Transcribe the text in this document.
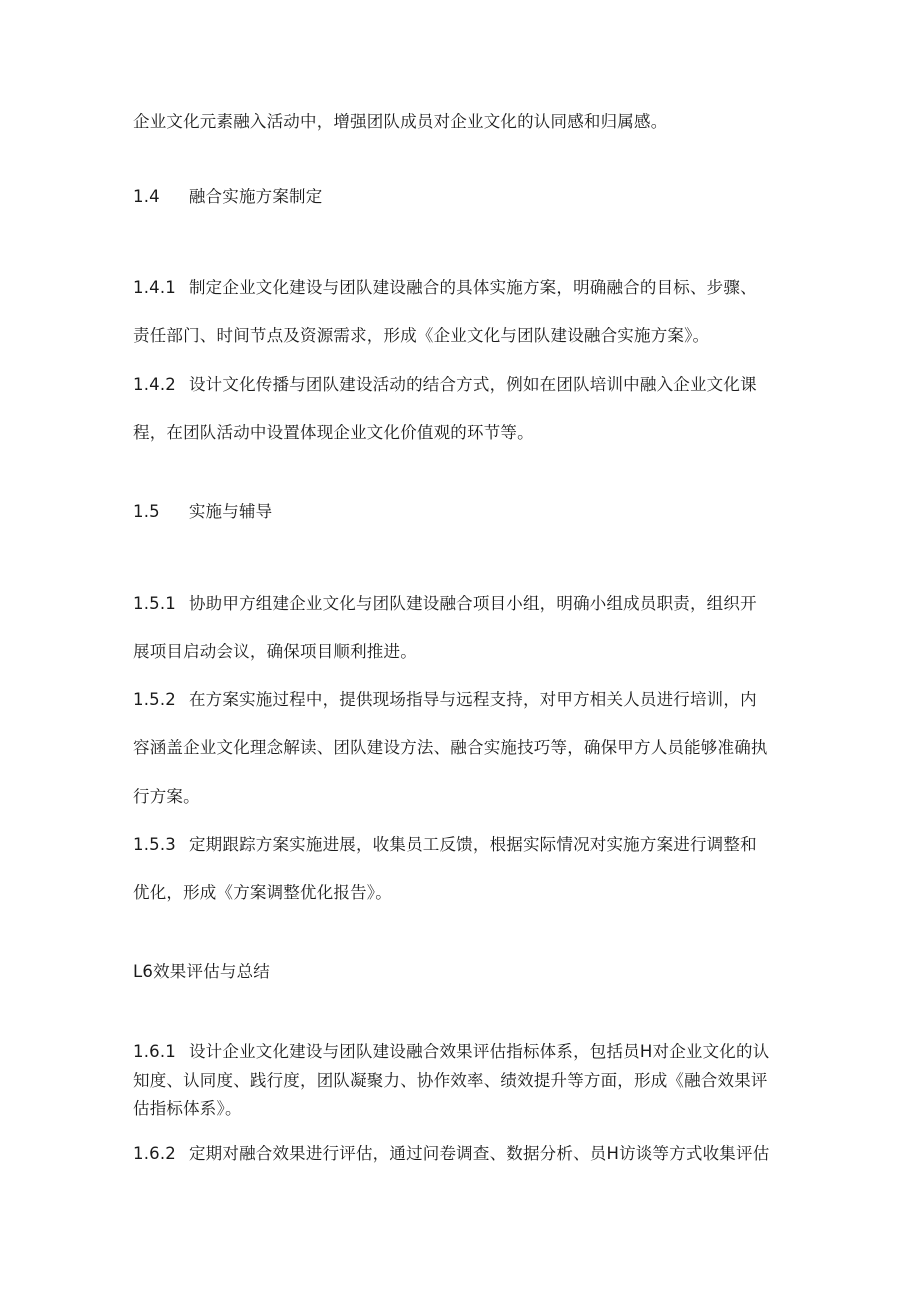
企业文化元素融入活动中，增强团队成员对企业文化的认同感和归属感。
1.4 融合实施方案制定
1.4.1 制定企业文化建设与团队建设融合的具体实施方案，明确融合的目标、步骤、
责任部门、时间节点及资源需求，形成《企业文化与团队建设融合实施方案》。
1.4.2 设计文化传播与团队建设活动的结合方式，例如在团队培训中融入企业文化课
程，在团队活动中设置体现企业文化价值观的环节等。
1.5 实施与辅导
1.5.1 协助甲方组建企业文化与团队建设融合项目小组，明确小组成员职责，组织开
展项目启动会议，确保项目顺利推进。
1.5.2 在方案实施过程中，提供现场指导与远程支持，对甲方相关人员进行培训，内
容涵盖企业文化理念解读、团队建设方法、融合实施技巧等，确保甲方人员能够准确执
行方案。
1.5.3 定期跟踪方案实施进展，收集员工反馈，根据实际情况对实施方案进行调整和
优化，形成《方案调整优化报告》。
L6效果评估与总结
1.6.1 设计企业文化建设与团队建设融合效果评估指标体系，包括员H对企业文化的认
知度、认同度、践行度，团队凝聚力、协作效率、绩效提升等方面，形成《融合效果评
估指标体系》。
1.6.2 定期对融合效果进行评估，通过问卷调查、数据分析、员H访谈等方式收集评估
